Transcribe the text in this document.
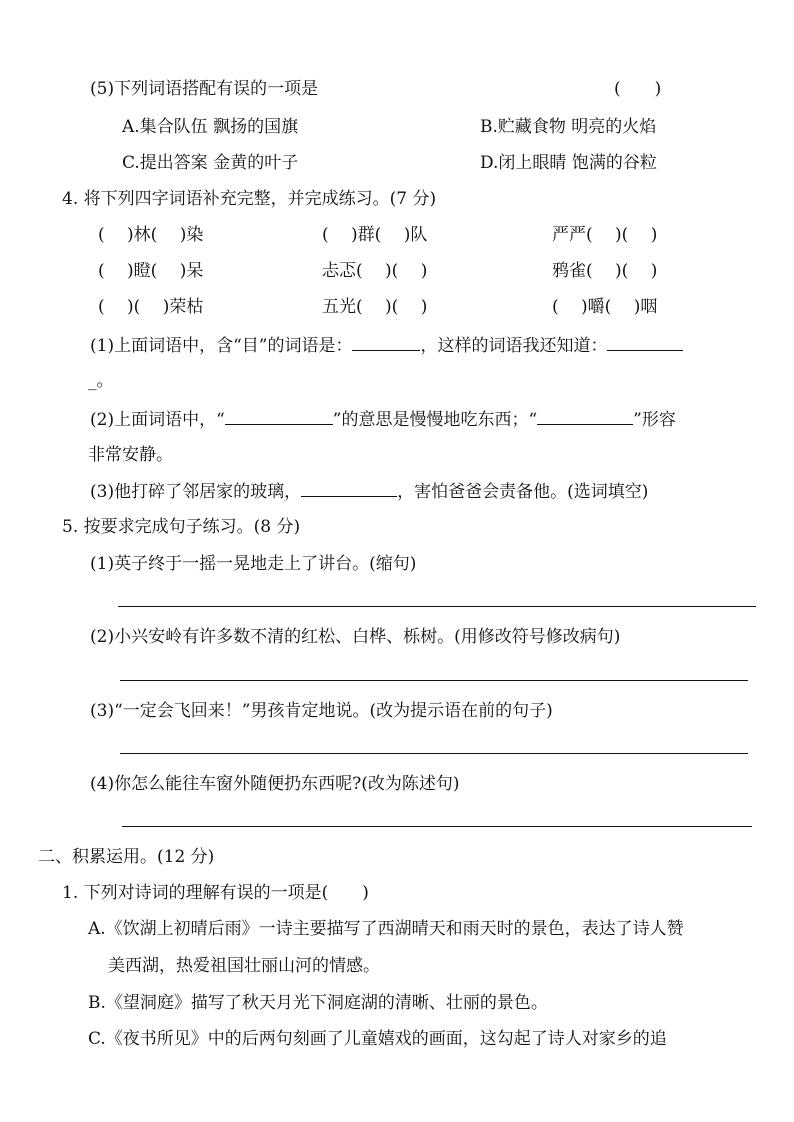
(5)下列词语搭配有误的一项是	(　　)
A.集合队伍 飘扬的国旗	B.贮藏食物 明亮的火焰
C.提出答案 金黄的叶子	D.闭上眼睛 饱满的谷粒
4. 将下列四字词语补充完整，并完成练习。(7 分)
(　 )林(　 )染	(　 )群(　 )队	严严(　 )(　 )
(　 )瞪(　 )呆	忐忑(　 )(　 )	鸦雀(　 )(　 )
(　 )(　 )荣枯	五光(　 )(　 )	(　 )嚼(　 )咽
(1)上面词语中，含“目”的词语是：	，这样的词语我还知道：
_。
(2)上面词语中，“	”的意思是慢慢地吃东西；“	”形容
非常安静。
(3)他打碎了邻居家的玻璃，	，害怕爸爸会责备他。(选词填空)
5. 按要求完成句子练习。(8 分)
(1)英子终于一摇一晃地走上了讲台。(缩句)
(2)小兴安岭有许多数不清的红松、白桦、栎树。(用修改符号修改病句)
(3)“一定会飞回来！”男孩肯定地说。(改为提示语在前的句子)
(4)你怎么能往车窗外随便扔东西呢?(改为陈述句)
二、积累运用。(12 分)
1. 下列对诗词的理解有误的一项是(　　)
A.《饮湖上初晴后雨》一诗主要描写了西湖晴天和雨天时的景色，表达了诗人赞
美西湖，热爱祖国壮丽山河的情感。
B.《望洞庭》描写了秋天月光下洞庭湖的清晰、壮丽的景色。
C.《夜书所见》中的后两句刻画了儿童嬉戏的画面，这勾起了诗人对家乡的追
